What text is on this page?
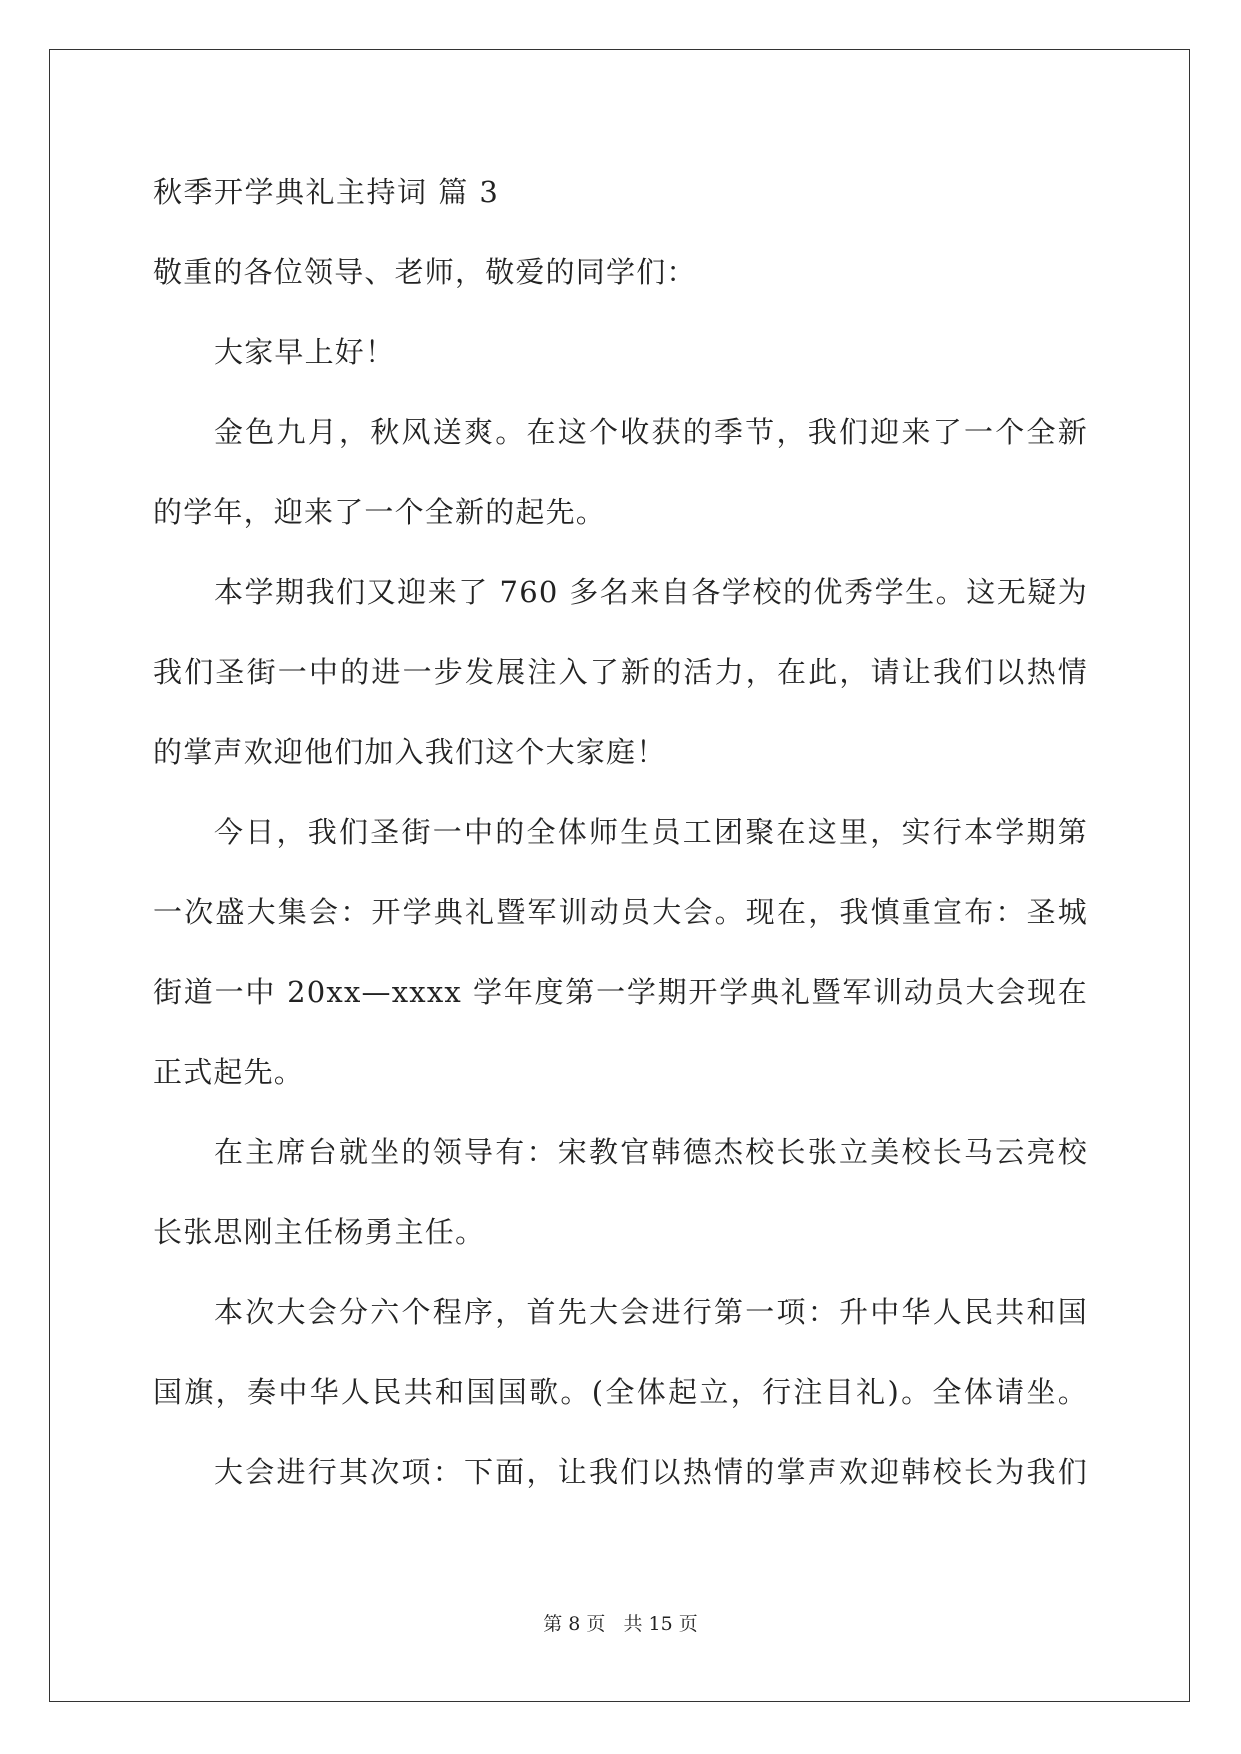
秋季开学典礼主持词 篇 3
敬重的各位领导、老师，敬爱的同学们：
大家早上好！
金色九月，秋风送爽。在这个收获的季节，我们迎来了一个全新
的学年，迎来了一个全新的起先。
本学期我们又迎来了 760 多名来自各学校的优秀学生。这无疑为
我们圣街一中的进一步发展注入了新的活力，在此，请让我们以热情
的掌声欢迎他们加入我们这个大家庭！
今日，我们圣街一中的全体师生员工团聚在这里，实行本学期第
一次盛大集会：开学典礼暨军训动员大会。现在，我慎重宣布：圣城
街道一中 20xx—xxxx 学年度第一学期开学典礼暨军训动员大会现在
正式起先。
在主席台就坐的领导有：宋教官韩德杰校长张立美校长马云亮校
长张思刚主任杨勇主任。
本次大会分六个程序，首先大会进行第一项：升中华人民共和国
国旗，奏中华人民共和国国歌。(全体起立，行注目礼)。全体请坐。
大会进行其次项：下面，让我们以热情的掌声欢迎韩校长为我们
第 8 页 共 15 页
